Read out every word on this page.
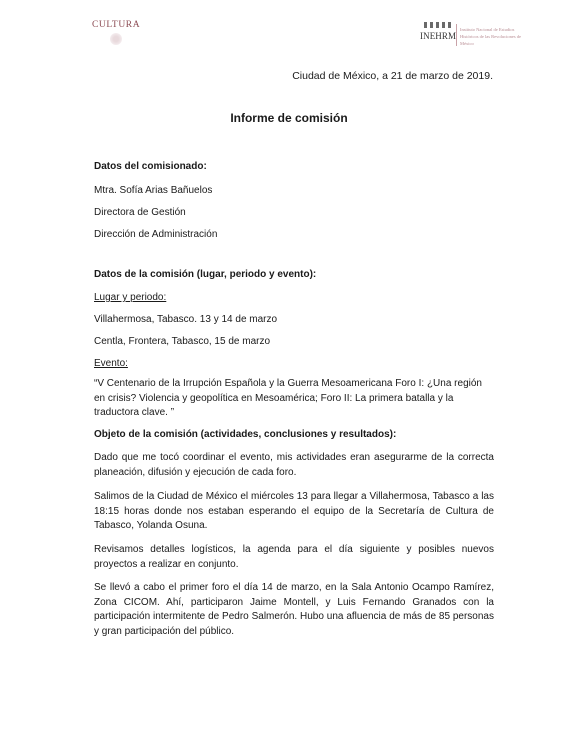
CULTURA
INEHRM
Instituto Nacional de Estudios Históricos de las Revoluciones de México
Ciudad de México, a 21 de marzo de 2019.
Informe de comisión
Datos del comisionado:
Mtra. Sofía Arias Bañuelos
Directora de Gestión
Dirección de Administración
Datos de la comisión (lugar, periodo y evento):
Lugar y periodo:
Villahermosa, Tabasco. 13 y 14 de marzo
Centla, Frontera, Tabasco, 15 de marzo
Evento:
“V Centenario de la Irrupción Española y la Guerra Mesoamericana Foro I: ¿Una región en crisis? Violencia y geopolítica en Mesoamérica; Foro II: La primera batalla y la traductora clave. ”
Objeto de la comisión (actividades, conclusiones y resultados):
Dado que me tocó coordinar el evento, mis actividades eran asegurarme de la correcta planeación, difusión y ejecución de cada foro.
Salimos de la Ciudad de México el miércoles 13 para llegar a Villahermosa, Tabasco a las 18:15 horas donde nos estaban esperando el equipo de la Secretaría de Cultura de Tabasco, Yolanda Osuna.
Revisamos detalles logísticos, la agenda para el día siguiente y posibles nuevos proyectos a realizar en conjunto.
Se llevó a cabo el primer foro el día 14 de marzo, en la Sala Antonio Ocampo Ramírez, Zona CICOM. Ahí, participaron Jaime Montell, y Luis Fernando Granados con la participación intermitente de Pedro Salmerón. Hubo una afluencia de más de 85 personas y gran participación del público.
